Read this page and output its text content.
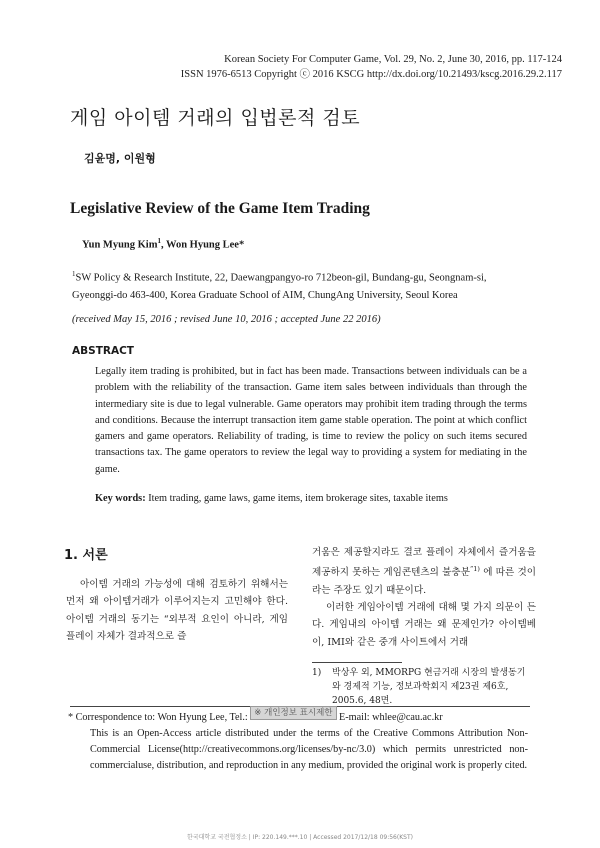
Korean Society For Computer Game, Vol. 29, No. 2, June 30, 2016, pp. 117-124
ISSN 1976-6513 Copyright ⓒ 2016 KSCG http://dx.doi.org/10.21493/kscg.2016.29.2.117
게임 아이템 거래의 입법론적 검토
김윤명, 이원형
Legislative Review of the Game Item Trading
Yun Myung Kim$^1$, Won Hyung Lee*
$^1$SW Policy & Research Institute, 22, Daewangpangyo-ro 712beon-gil, Bundang-gu, Seongnam-si, Gyeonggi-do 463-400, Korea Graduate School of AIM, ChungAng University, Seoul Korea
(received May 15, 2016 ; revised June 10, 2016 ; accepted June 22 2016)
ABSTRACT
Legally item trading is prohibited, but in fact has been made. Transactions between individuals can be a problem with the reliability of the transaction. Game item sales between individuals than through the intermediary site is due to legal vulnerable. Game operators may prohibit item trading through the terms and conditions. Because the interrupt transaction item game stable operation. The point at which conflict gamers and game operators. Reliability of trading, is time to review the policy on such items secured transactions tax. The game operators to review the legal way to providing a system for mediating in the game.
Key words: Item trading, game laws, game items, item brokerage sites, taxable items
1. 서론
아이템 거래의 가능성에 대해 검토하기 위해서는 먼저 왜 아이템거래가 이루어지는지 고민해야 한다. 아이템 거래의 동기는 “외부적 요인이 아니라, 게임 플레이 자체가 결과적으로 즐
거움은 제공할지라도 결코 플레이 자체에서 즐거움을 제공하지 못하는 게임콘텐츠의 불충분$^{”1)}$ 에 따른 것이라는 주장도 있기 때문이다.
이러한 게임아이템 거래에 대해 몇 가지 의문이 든다. 게임내의 아이템 거래는 왜 문제인가? 아이템베이, IMI와 같은 중개 사이트에서 거래
1) 박상우 외, MMORPG 현금거래 시장의 발생동기
와 경제적 기능, 정보과학회지 제23권 제6호,
2005.6, 48면.
* Correspondence to: Won Hyung Lee, Tel.: ※ 개인정보 표시제한 E-mail: whlee@cau.ac.kr
This is an Open-Access article distributed under the terms of the Creative Commons Attribution Non-Commercial License(http://creativecommons.org/licenses/by-nc/3.0) which permits unrestricted non-commercialuse, distribution, and reproduction in any medium, provided the original work is properly cited.
한국대학교 국전협정소 | IP: 220.149.***.10 | Accessed 2017/12/18 09:56(KST)
